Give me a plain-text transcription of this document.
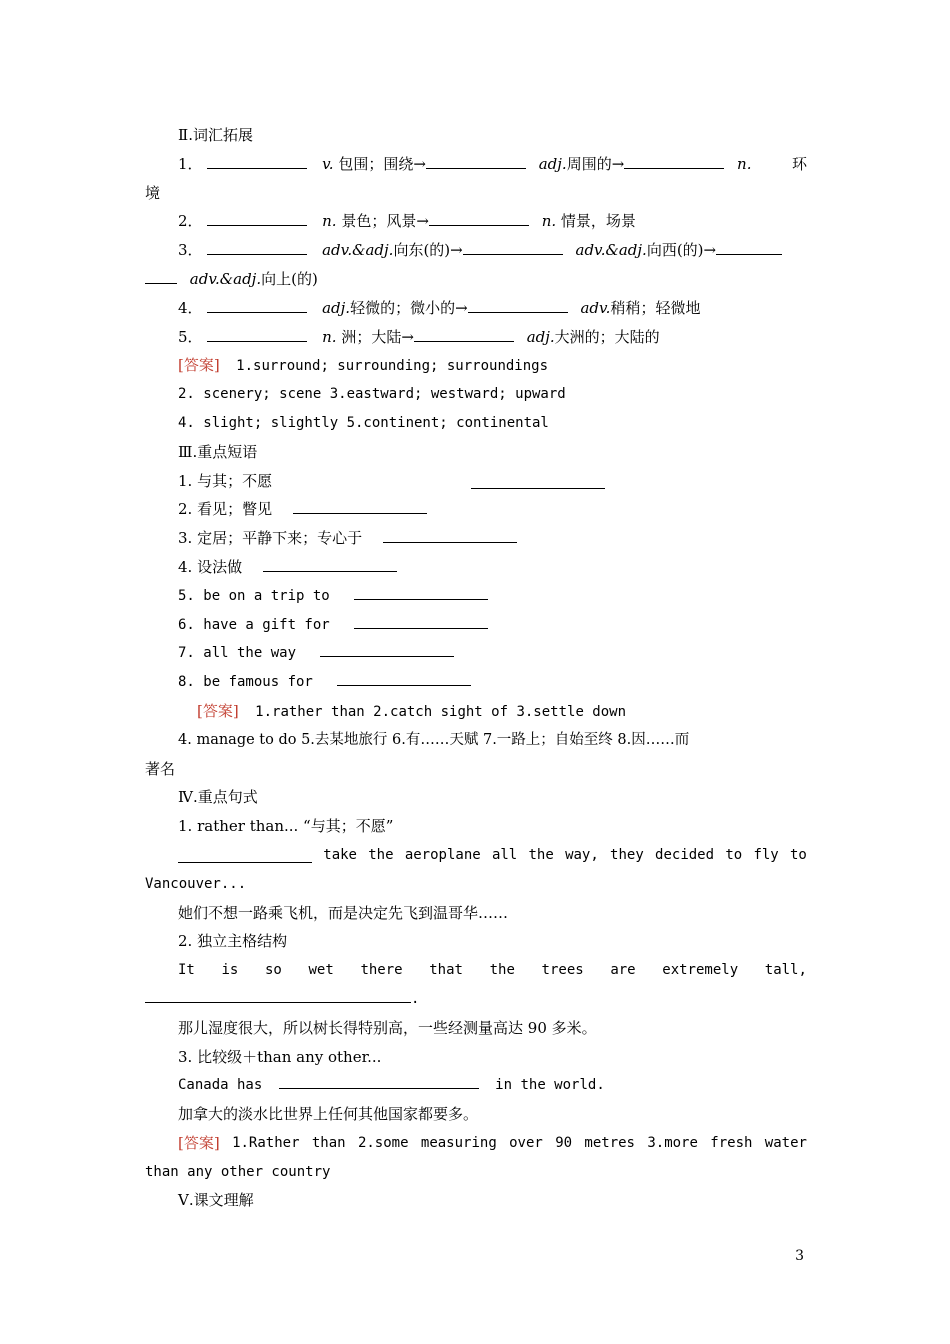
Ⅱ.词汇拓展
1．	v. 包围；围绕→	adj.周围的→	n.	环
境
2．	n. 景色；风景→	n. 情景，场景
3．	adv.&adj.向东(的)→	adv.&adj.向西(的)→
adv.&adj.向上(的)
4．	adj.轻微的；微小的→	adv.稍稍；轻微地
5．	n. 洲；大陆→	adj.大洲的；大陆的
[答案] 1.surround; surrounding; surroundings
2. scenery; scene 3.eastward; westward; upward
4. slight; slightly 5.continent; continental
Ⅲ.重点短语
1. 与其；不愿
2. 看见；瞥见
3. 定居；平静下来；专心于
4. 设法做
5. be on a trip to
6. have a gift for
7. all the way
8. be famous for
[答案] 1.rather than 2.catch sight of 3.settle down
4. manage to do 5.去某地旅行 6.有……天赋 7.一路上；自始至终 8.因……而
著名
Ⅳ.重点句式
1. rather than... “与其；不愿”
take the aeroplane all the way, they decided to fly to
Vancouver...
她们不想一路乘飞机，而是决定先飞到温哥华……
2. 独立主格结构
It is so wet there that the trees are extremely tall,
.
那儿湿度很大，所以树长得特别高，一些经测量高达 90 多米。
3. 比较级＋than any other...
Canada has	in the world.
加拿大的淡水比世界上任何其他国家都要多。
[答案] 1.Rather than 2.some measuring over 90 metres 3.more fresh water
than any other country
Ⅴ.课文理解
3
